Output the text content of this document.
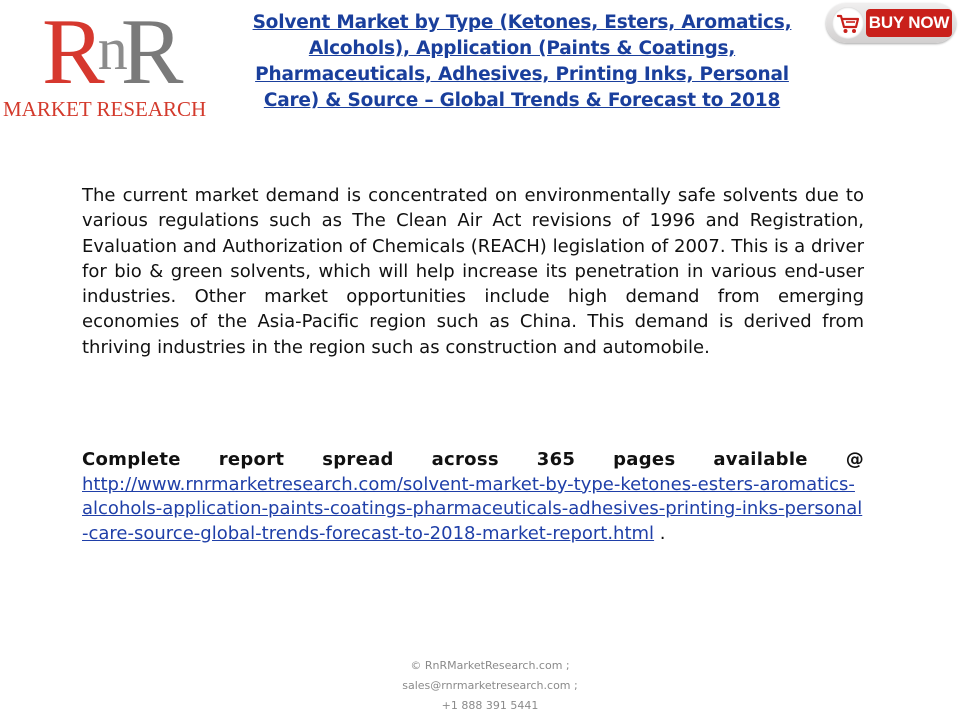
RnR
MARKET RESEARCH
Solvent Market by Type (Ketones, Esters, Aromatics, Alcohols), Application (Paints & Coatings, Pharmaceuticals, Adhesives, Printing Inks, Personal Care) & Source – Global Trends & Forecast to 2018
BUY NOW
The current market demand is concentrated on environmentally safe solvents due to various regulations such as The Clean Air Act revisions of 1996 and Registration, Evaluation and Authorization of Chemicals (REACH) legislation of 2007. This is a driver for bio & green solvents, which will help increase its penetration in various end-user industries. Other market opportunities include high demand from emerging economies of the Asia-Pacific region such as China. This demand is derived from thriving industries in the region such as construction and automobile.
Complete report spread across 365 pages available @
http://www.rnrmarketresearch.com/solvent-market-by-type-ketones-esters-aromatics-alcohols-application-paints-coatings-pharmaceuticals-adhesives-printing-inks-personal-care-source-global-trends-forecast-to-2018-market-report.html .
© RnRMarketResearch.com ;
sales@rnrmarketresearch.com ;
+1 888 391 5441
